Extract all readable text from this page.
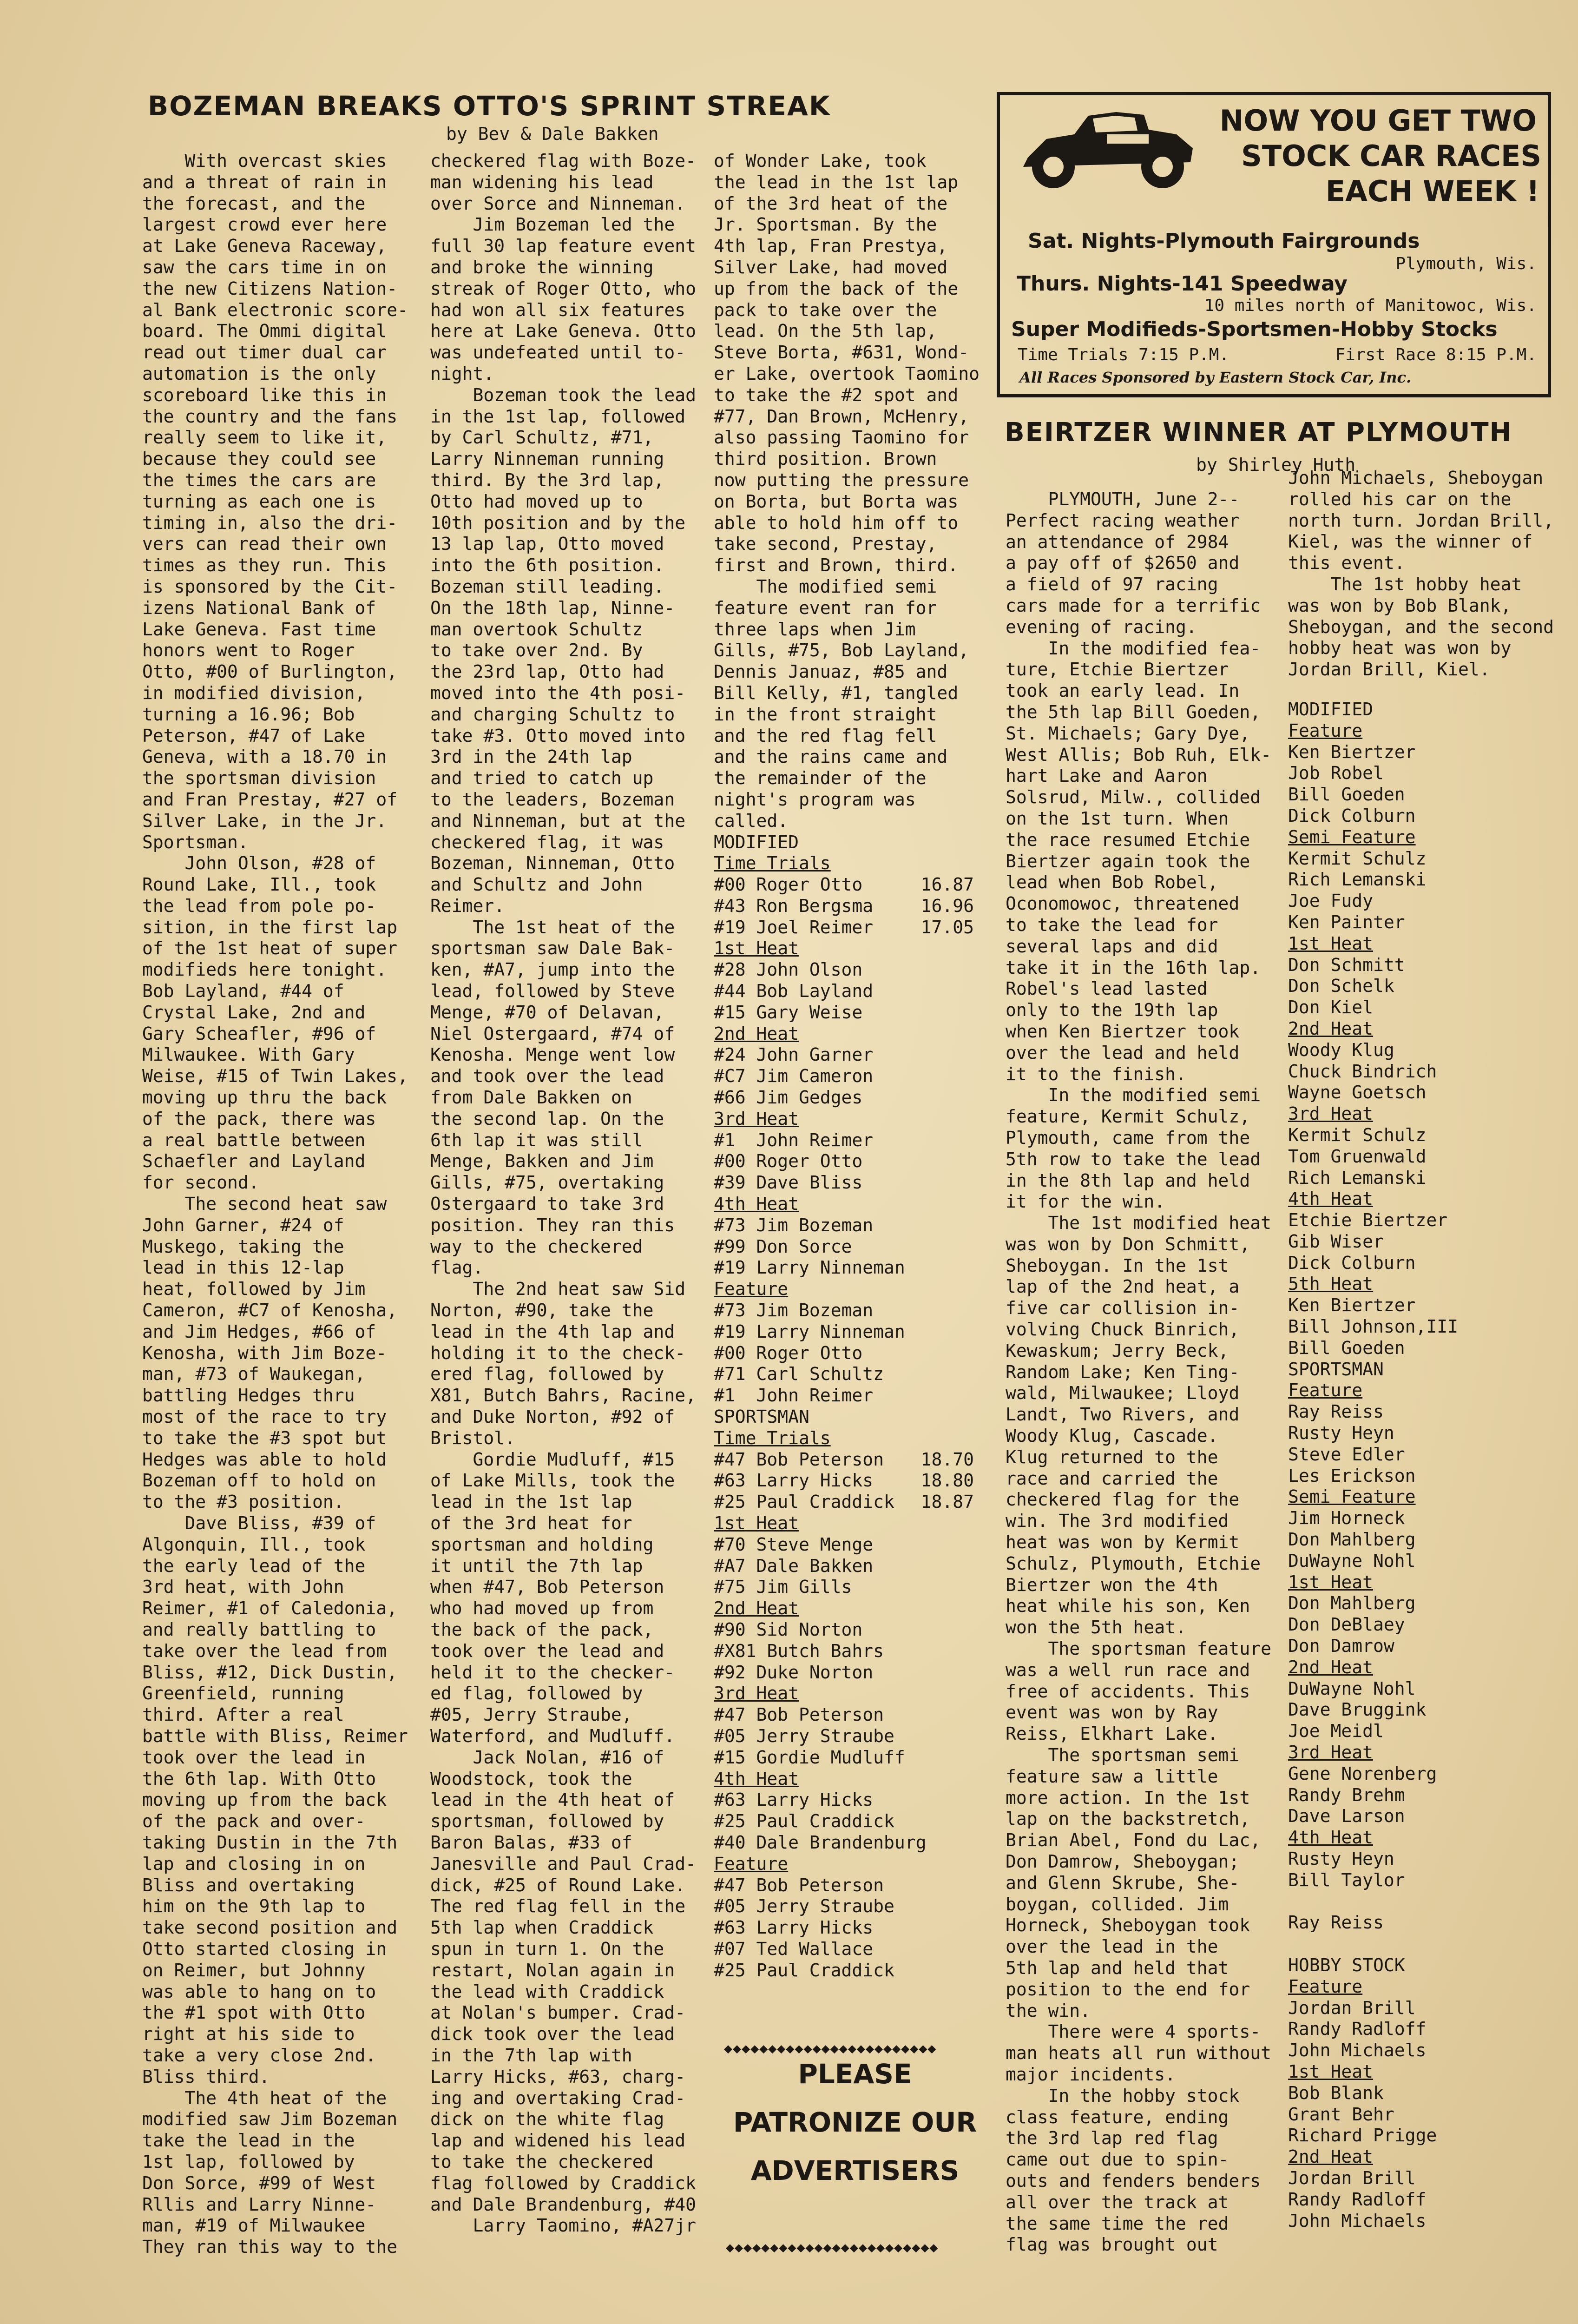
BOZEMAN BREAKS OTTO'S SPRINT STREAK

by Bev & Dale Bakken

With overcast skies

and a threat of rain in

the forecast, and the

largest crowd ever here

at Lake Geneva Raceway,

saw the cars time in on

the new Citizens Nation-

al Bank electronic score-

board. The Ommi digital

read out timer dual car

automation is the only

scoreboard like this in

the country and the fans

really seem to like it,

because they could see

the times the cars are

turning as each one is

timing in, also the dri-

vers can read their own

times as they run. This

is sponsored by the Cit-

izens National Bank of

Lake Geneva. Fast time

honors went to Roger

Otto, #00 of Burlington,

in modified division,

turning a 16.96; Bob

Peterson, #47 of Lake

Geneva, with a 18.70 in

the sportsman division

and Fran Prestay, #27 of

Silver Lake, in the Jr.

Sportsman.

John Olson, #28 of

Round Lake, Ill., took

the lead from pole po-

sition, in the first lap

of the 1st heat of super

modifieds here tonight.

Bob Layland, #44 of

Crystal Lake, 2nd and

Gary Scheafler, #96 of

Milwaukee. With Gary

Weise, #15 of Twin Lakes,

moving up thru the back

of the pack, there was

a real battle between

Schaefler and Layland

for second.

The second heat saw

John Garner, #24 of

Muskego, taking the

lead in this 12-lap

heat, followed by Jim

Cameron, #C7 of Kenosha,

and Jim Hedges, #66 of

Kenosha, with Jim Boze-

man, #73 of Waukegan,

battling Hedges thru

most of the race to try

to take the #3 spot but

Hedges was able to hold

Bozeman off to hold on

to the #3 position.

Dave Bliss, #39 of

Algonquin, Ill., took

the early lead of the

3rd heat, with John

Reimer, #1 of Caledonia,

and really battling to

take over the lead from

Bliss, #12, Dick Dustin,

Greenfield, running

third. After a real

battle with Bliss, Reimer

took over the lead in

the 6th lap. With Otto

moving up from the back

of the pack and over-

taking Dustin in the 7th

lap and closing in on

Bliss and overtaking

him on the 9th lap to

take second position and

Otto started closing in

on Reimer, but Johnny

was able to hang on to

the #1 spot with Otto

right at his side to

take a very close 2nd.

Bliss third.

The 4th heat of the

modified saw Jim Bozeman

take the lead in the

1st lap, followed by

Don Sorce, #99 of West

Rllis and Larry Ninne-

man, #19 of Milwaukee

They ran this way to the

checkered flag with Boze-

man widening his lead

over Sorce and Ninneman.

Jim Bozeman led the

full 30 lap feature event

and broke the winning

streak of Roger Otto, who

had won all six features

here at Lake Geneva. Otto

was undefeated until to-

night.

Bozeman took the lead

in the 1st lap, followed

by Carl Schultz, #71,

Larry Ninneman running

third. By the 3rd lap,

Otto had moved up to

10th position and by the

13 lap lap, Otto moved

into the 6th position.

Bozeman still leading.

On the 18th lap, Ninne-

man overtook Schultz

to take over 2nd. By

the 23rd lap, Otto had

moved into the 4th posi-

and charging Schultz to

take #3. Otto moved into

3rd in the 24th lap

and tried to catch up

to the leaders, Bozeman

and Ninneman, but at the

checkered flag, it was

Bozeman, Ninneman, Otto

and Schultz and John

Reimer.

The 1st heat of the

sportsman saw Dale Bak-

ken, #A7, jump into the

lead, followed by Steve

Menge, #70 of Delavan,

Niel Ostergaard, #74 of

Kenosha. Menge went low

and took over the lead

from Dale Bakken on

the second lap. On the

6th lap it was still

Menge, Bakken and Jim

Gills, #75, overtaking

Ostergaard to take 3rd

position. They ran this

way to the checkered

flag.

The 2nd heat saw Sid

Norton, #90, take the

lead in the 4th lap and

holding it to the check-

ered flag, followed by

X81, Butch Bahrs, Racine,

and Duke Norton, #92 of

Bristol.

Gordie Mudluff, #15

of Lake Mills, took the

lead in the 1st lap

of the 3rd heat for

sportsman and holding

it until the 7th lap

when #47, Bob Peterson

who had moved up from

the back of the pack,

took over the lead and

held it to the checker-

ed flag, followed by

#05, Jerry Straube,

Waterford, and Mudluff.

Jack Nolan, #16 of

Woodstock, took the

lead in the 4th heat of

sportsman, followed by

Baron Balas, #33 of

Janesville and Paul Crad-

dick, #25 of Round Lake.

The red flag fell in the

5th lap when Craddick

spun in turn 1. On the

restart, Nolan again in

the lead with Craddick

at Nolan's bumper. Crad-

dick took over the lead

in the 7th lap with

Larry Hicks, #63, charg-

ing and overtaking Crad-

dick on the white flag

lap and widened his lead

to take the checkered

flag followed by Craddick

and Dale Brandenburg, #40

Larry Taomino, #A27jr

of Wonder Lake, took

the lead in the 1st lap

of the 3rd heat of the

Jr. Sportsman. By the

4th lap, Fran Prestya,

Silver Lake, had moved

up from the back of the

pack to take over the

lead. On the 5th lap,

Steve Borta, #631, Wond-

er Lake, overtook Taomino

to take the #2 spot and

#77, Dan Brown, McHenry,

also passing Taomino for

third position. Brown

now putting the pressure

on Borta, but Borta was

able to hold him off to

take second, Prestay,

first and Brown, third.

The modified semi

feature event ran for

three laps when Jim

Gills, #75, Bob Layland,

Dennis Januaz, #85 and

Bill Kelly, #1, tangled

in the front straight

and the red flag fell

and the rains came and

the remainder of the

night's program was

called.

MODIFIED
Time Trials
#00 Roger Otto	16.87
#43 Ron Bergsma	16.96
#19 Joel Reimer	17.05
1st Heat
#28 John Olson
#44 Bob Layland
#15 Gary Weise
2nd Heat
#24 John Garner
#C7 Jim Cameron
#66 Jim Gedges
3rd Heat
#1  John Reimer
#00 Roger Otto
#39 Dave Bliss
4th Heat
#73 Jim Bozeman
#99 Don Sorce
#19 Larry Ninneman
Feature
#73 Jim Bozeman
#19 Larry Ninneman
#00 Roger Otto
#71 Carl Schultz
#1  John Reimer
SPORTSMAN
Time Trials
#47 Bob Peterson	18.70
#63 Larry Hicks	18.80
#25 Paul Craddick	18.87
1st Heat
#70 Steve Menge
#A7 Dale Bakken
#75 Jim Gills
2nd Heat
#90 Sid Norton
#X81 Butch Bahrs
#92 Duke Norton
3rd Heat
#47 Bob Peterson
#05 Jerry Straube
#15 Gordie Mudluff
4th Heat
#63 Larry Hicks
#25 Paul Craddick
#40 Dale Brandenburg
Feature
#47 Bob Peterson
#05 Jerry Straube
#63 Larry Hicks
#07 Ted Wallace
#25 Paul Craddick
◆◆◆◆◆◆◆◆◆◆◆◆◆◆◆◆◆◆◆◆◆◆◆◆
PLEASE
PATRONIZE OUR
ADVERTISERS
◆◆◆◆◆◆◆◆◆◆◆◆◆◆◆◆◆◆◆◆◆◆◆◆

NOW YOU GET TWO

STOCK CAR RACES

EACH WEEK !

Sat. Nights-Plymouth Fairgrounds

Plymouth, Wis.

Thurs. Nights-141 Speedway

10 miles north of Manitowoc, Wis.

Super Modifieds-Sportsmen-Hobby Stocks

Time Trials 7:15 P.M.	First Race 8:15 P.M.

All Races Sponsored by Eastern Stock Car, Inc.

BEIRTZER WINNER AT PLYMOUTH

by Shirley Huth

PLYMOUTH, June 2--

Perfect racing weather

an attendance of 2984

a pay off of $2650 and

a field of 97 racing

cars made for a terrific

evening of racing.

In the modified fea-

ture, Etchie Biertzer

took an early lead. In

the 5th lap Bill Goeden,

St. Michaels; Gary Dye,

West Allis; Bob Ruh, Elk-

hart Lake and Aaron

Solsrud, Milw., collided

on the 1st turn. When

the race resumed Etchie

Biertzer again took the

lead when Bob Robel,

Oconomowoc, threatened

to take the lead for

several laps and did

take it in the 16th lap.

Robel's lead lasted

only to the 19th lap

when Ken Biertzer took

over the lead and held

it to the finish.

In the modified semi

feature, Kermit Schulz,

Plymouth, came from the

5th row to take the lead

in the 8th lap and held

it for the win.

The 1st modified heat

was won by Don Schmitt,

Sheboygan. In the 1st

lap of the 2nd heat, a

five car collision in-

volving Chuck Binrich,

Kewaskum; Jerry Beck,

Random Lake; Ken Ting-

wald, Milwaukee; Lloyd

Landt, Two Rivers, and

Woody Klug, Cascade.

Klug returned to the

race and carried the

checkered flag for the

win. The 3rd modified

heat was won by Kermit

Schulz, Plymouth, Etchie

Biertzer won the 4th

heat while his son, Ken

won the 5th heat.

The sportsman feature

was a well run race and

free of accidents. This

event was won by Ray

Reiss, Elkhart Lake.

The sportsman semi

feature saw a little

more action. In the 1st

lap on the backstretch,

Brian Abel, Fond du Lac,

Don Damrow, Sheboygan;

and Glenn Skrube, She-

boygan, collided. Jim

Horneck, Sheboygan took

over the lead in the

5th lap and held that

position to the end for

the win.

There were 4 sports-

man heats all run without

major incidents.

In the hobby stock

class feature, ending

the 3rd lap red flag

came out due to spin-

outs and fenders benders

all over the track at

the same time the red

flag was brought out

John Michaels, Sheboygan

rolled his car on the

north turn. Jordan Brill,

Kiel, was the winner of

this event.

The 1st hobby heat

was won by Bob Blank,

Sheboygan, and the second

hobby heat was won by

Jordan Brill, Kiel.

MODIFIED
Feature
Ken Biertzer
Job Robel
Bill Goeden
Dick Colburn
Semi Feature
Kermit Schulz
Rich Lemanski
Joe Fudy
Ken Painter
1st Heat
Don Schmitt
Don Schelk
Don Kiel
2nd Heat
Woody Klug
Chuck Bindrich
Wayne Goetsch
3rd Heat
Kermit Schulz
Tom Gruenwald
Rich Lemanski
4th Heat
Etchie Biertzer
Gib Wiser
Dick Colburn
5th Heat
Ken Biertzer
Bill Johnson,III
Bill Goeden
SPORTSMAN
Feature
Ray Reiss
Rusty Heyn
Steve Edler
Les Erickson
Semi Feature
Jim Horneck
Don Mahlberg
DuWayne Nohl
1st Heat
Don Mahlberg
Don DeBlaey
Don Damrow
2nd Heat
DuWayne Nohl
Dave Bruggink
Joe Meidl
3rd Heat
Gene Norenberg
Randy Brehm
Dave Larson
4th Heat
Rusty Heyn
Bill Taylor

Ray Reiss

HOBBY STOCK
Feature
Jordan Brill
Randy Radloff
John Michaels
1st Heat
Bob Blank
Grant Behr
Richard Prigge
2nd Heat
Jordan Brill
Randy Radloff
John Michaels
